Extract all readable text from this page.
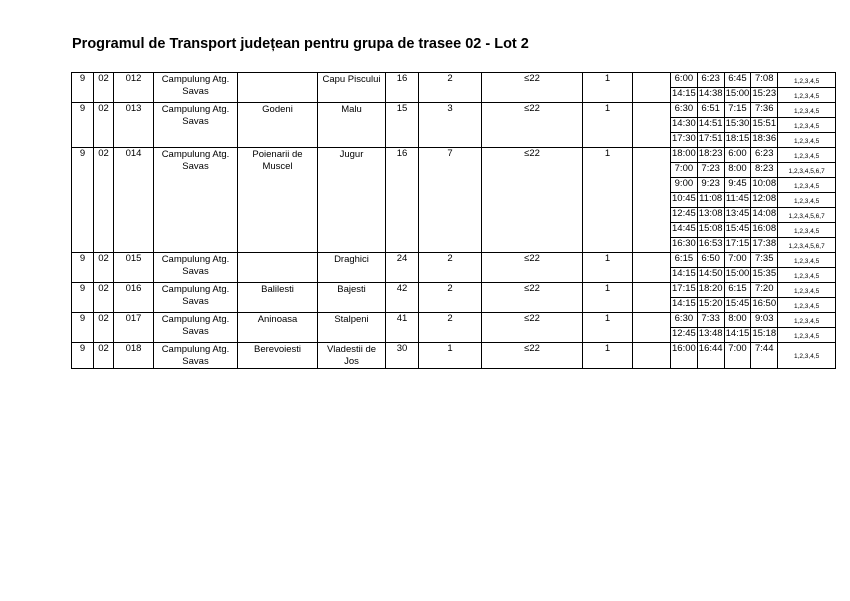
Programul de Transport județean pentru grupa de trasee 02 - Lot 2
9	02	012	Campulung Atg. Savas		Capu Piscului	16	2	≤22	1		6:00	6:23	6:45	7:08	1,2,3,4,5
											14:15	14:38	15:00	15:23	1,2,3,4,5
9	02	013	Campulung Atg. Savas	Godeni	Malu	15	3	≤22	1		6:30	6:51	7:15	7:36	1,2,3,4,5
											14:30	14:51	15:30	15:51	1,2,3,4,5
											17:30	17:51	18:15	18:36	1,2,3,4,5
9	02	014	Campulung Atg. Savas	Poienarii de Muscel	Jugur	16	7	≤22	1		18:00	18:23	6:00	6:23	1,2,3,4,5
											7:00	7:23	8:00	8:23	1,2,3,4,5,6,7
											9:00	9:23	9:45	10:08	1,2,3,4,5
											10:45	11:08	11:45	12:08	1,2,3,4,5
											12:45	13:08	13:45	14:08	1,2,3,4,5,6,7
											14:45	15:08	15:45	16:08	1,2,3,4,5
											16:30	16:53	17:15	17:38	1,2,3,4,5,6,7
9	02	015	Campulung Atg. Savas		Draghici	24	2	≤22	1		6:15	6:50	7:00	7:35	1,2,3,4,5
											14:15	14:50	15:00	15:35	1,2,3,4,5
9	02	016	Campulung Atg. Savas	Balilesti	Bajesti	42	2	≤22	1		17:15	18:20	6:15	7:20	1,2,3,4,5
											14:15	15:20	15:45	16:50	1,2,3,4,5
9	02	017	Campulung Atg. Savas	Aninoasa	Stalpeni	41	2	≤22	1		6:30	7:33	8:00	9:03	1,2,3,4,5
											12:45	13:48	14:15	15:18	1,2,3,4,5
9	02	018	Campulung Atg. Savas	Berevoiesti	Vladestii de Jos	30	1	≤22	1		16:00	16:44	7:00	7:44	1,2,3,4,5
